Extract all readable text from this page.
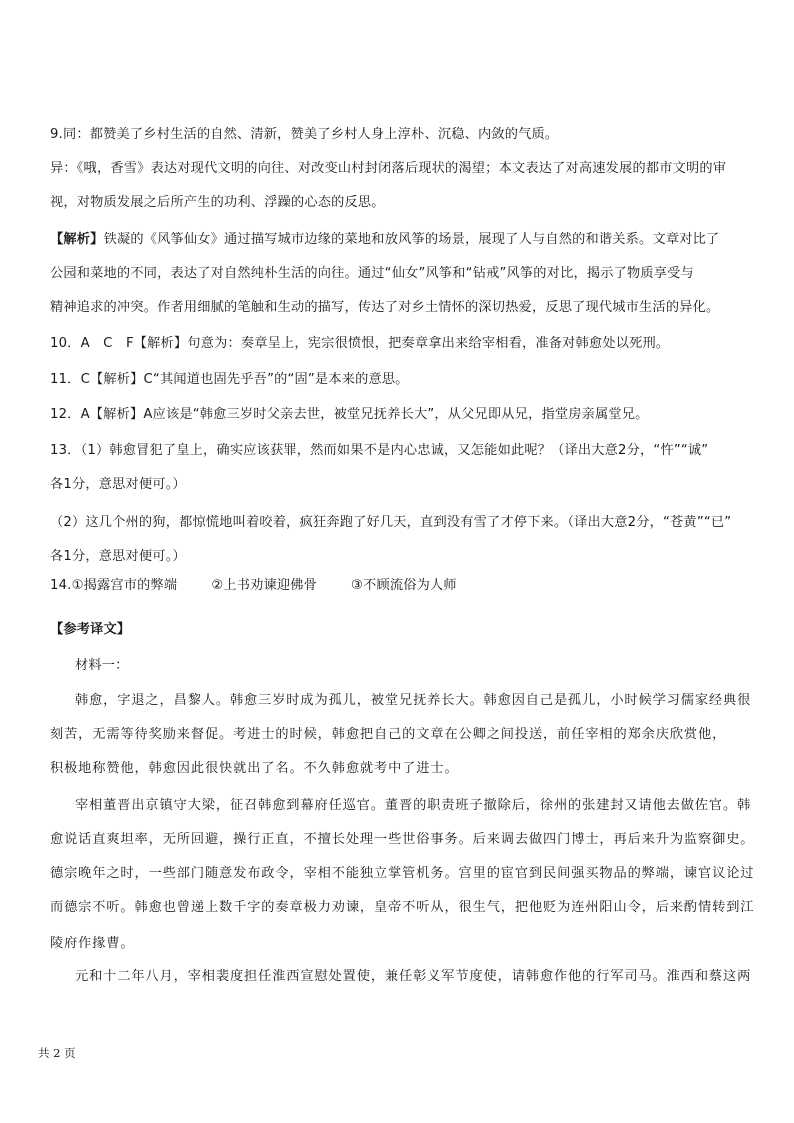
9.同：都赞美了乡村生活的自然、清新，赞美了乡村人身上淳朴、沉稳、内敛的气质。
异：《哦，香雪》表达对现代文明的向往、对改变山村封闭落后现状的渴望；本文表达了对高速发展的都市文明的审
视，对物质发展之后所产生的功利、浮躁的心态的反思。
【解析】铁凝的《风筝仙女》通过描写城市边缘的菜地和放风筝的场景，展现了人与自然的和谐关系。文章对比了
公园和菜地的不同，表达了对自然纯朴生活的向往。通过“仙女”风筝和“钻戒”风筝的对比，揭示了物质享受与
精神追求的冲突。作者用细腻的笔触和生动的描写，传达了对乡土情怀的深切热爱，反思了现代城市生活的异化。
10．A　C　F【解析】句意为：奏章呈上，宪宗很愤恨，把奏章拿出来给宰相看，准备对韩愈处以死刑。
11．C【解析】C“其闻道也固先乎吾”的“固”是本来的意思。
12．A【解析】A应该是“韩愈三岁时父亲去世，被堂兄抚养长大”，从父兄即从兄，指堂房亲属堂兄。
13．（1）韩愈冒犯了皇上，确实应该获罪，然而如果不是内心忠诚，又怎能如此呢？（译出大意2分，“忤”“诚”
各1分，意思对便可。）
（2）这几个州的狗，都惊慌地叫着咬着，疯狂奔跑了好几天，直到没有雪了才停下来。（译出大意2分，“苍黄”“已”
各1分，意思对便可。）
14.①揭露宫市的弊端	②上书劝谏迎佛骨	③不顾流俗为人师
【参考译文】
材料一：
韩愈，字退之，昌黎人。韩愈三岁时成为孤儿，被堂兄抚养长大。韩愈因自己是孤儿，小时候学习儒家经典很
刻苦，无需等待奖励来督促。考进士的时候，韩愈把自己的文章在公卿之间投送，前任宰相的郑余庆欣赏他，
积极地称赞他，韩愈因此很快就出了名。不久韩愈就考中了进士。
宰相董晋出京镇守大梁，征召韩愈到幕府任巡官。董晋的职责班子撤除后，徐州的张建封又请他去做佐官。韩
愈说话直爽坦率，无所回避，操行正直，不擅长处理一些世俗事务。后来调去做四门博士，再后来升为监察御史。
德宗晚年之时，一些部门随意发布政令，宰相不能独立掌管机务。宫里的宦官到民间强买物品的弊端，谏官议论过
而德宗不听。韩愈也曾递上数千字的奏章极力劝谏，皇帝不听从，很生气，把他贬为连州阳山令，后来酌情转到江
陵府作掾曹。
元和十二年八月，宰相裴度担任淮西宣慰处置使，兼任彰义军节度使，请韩愈作他的行军司马。淮西和蔡这两
共 2 页
